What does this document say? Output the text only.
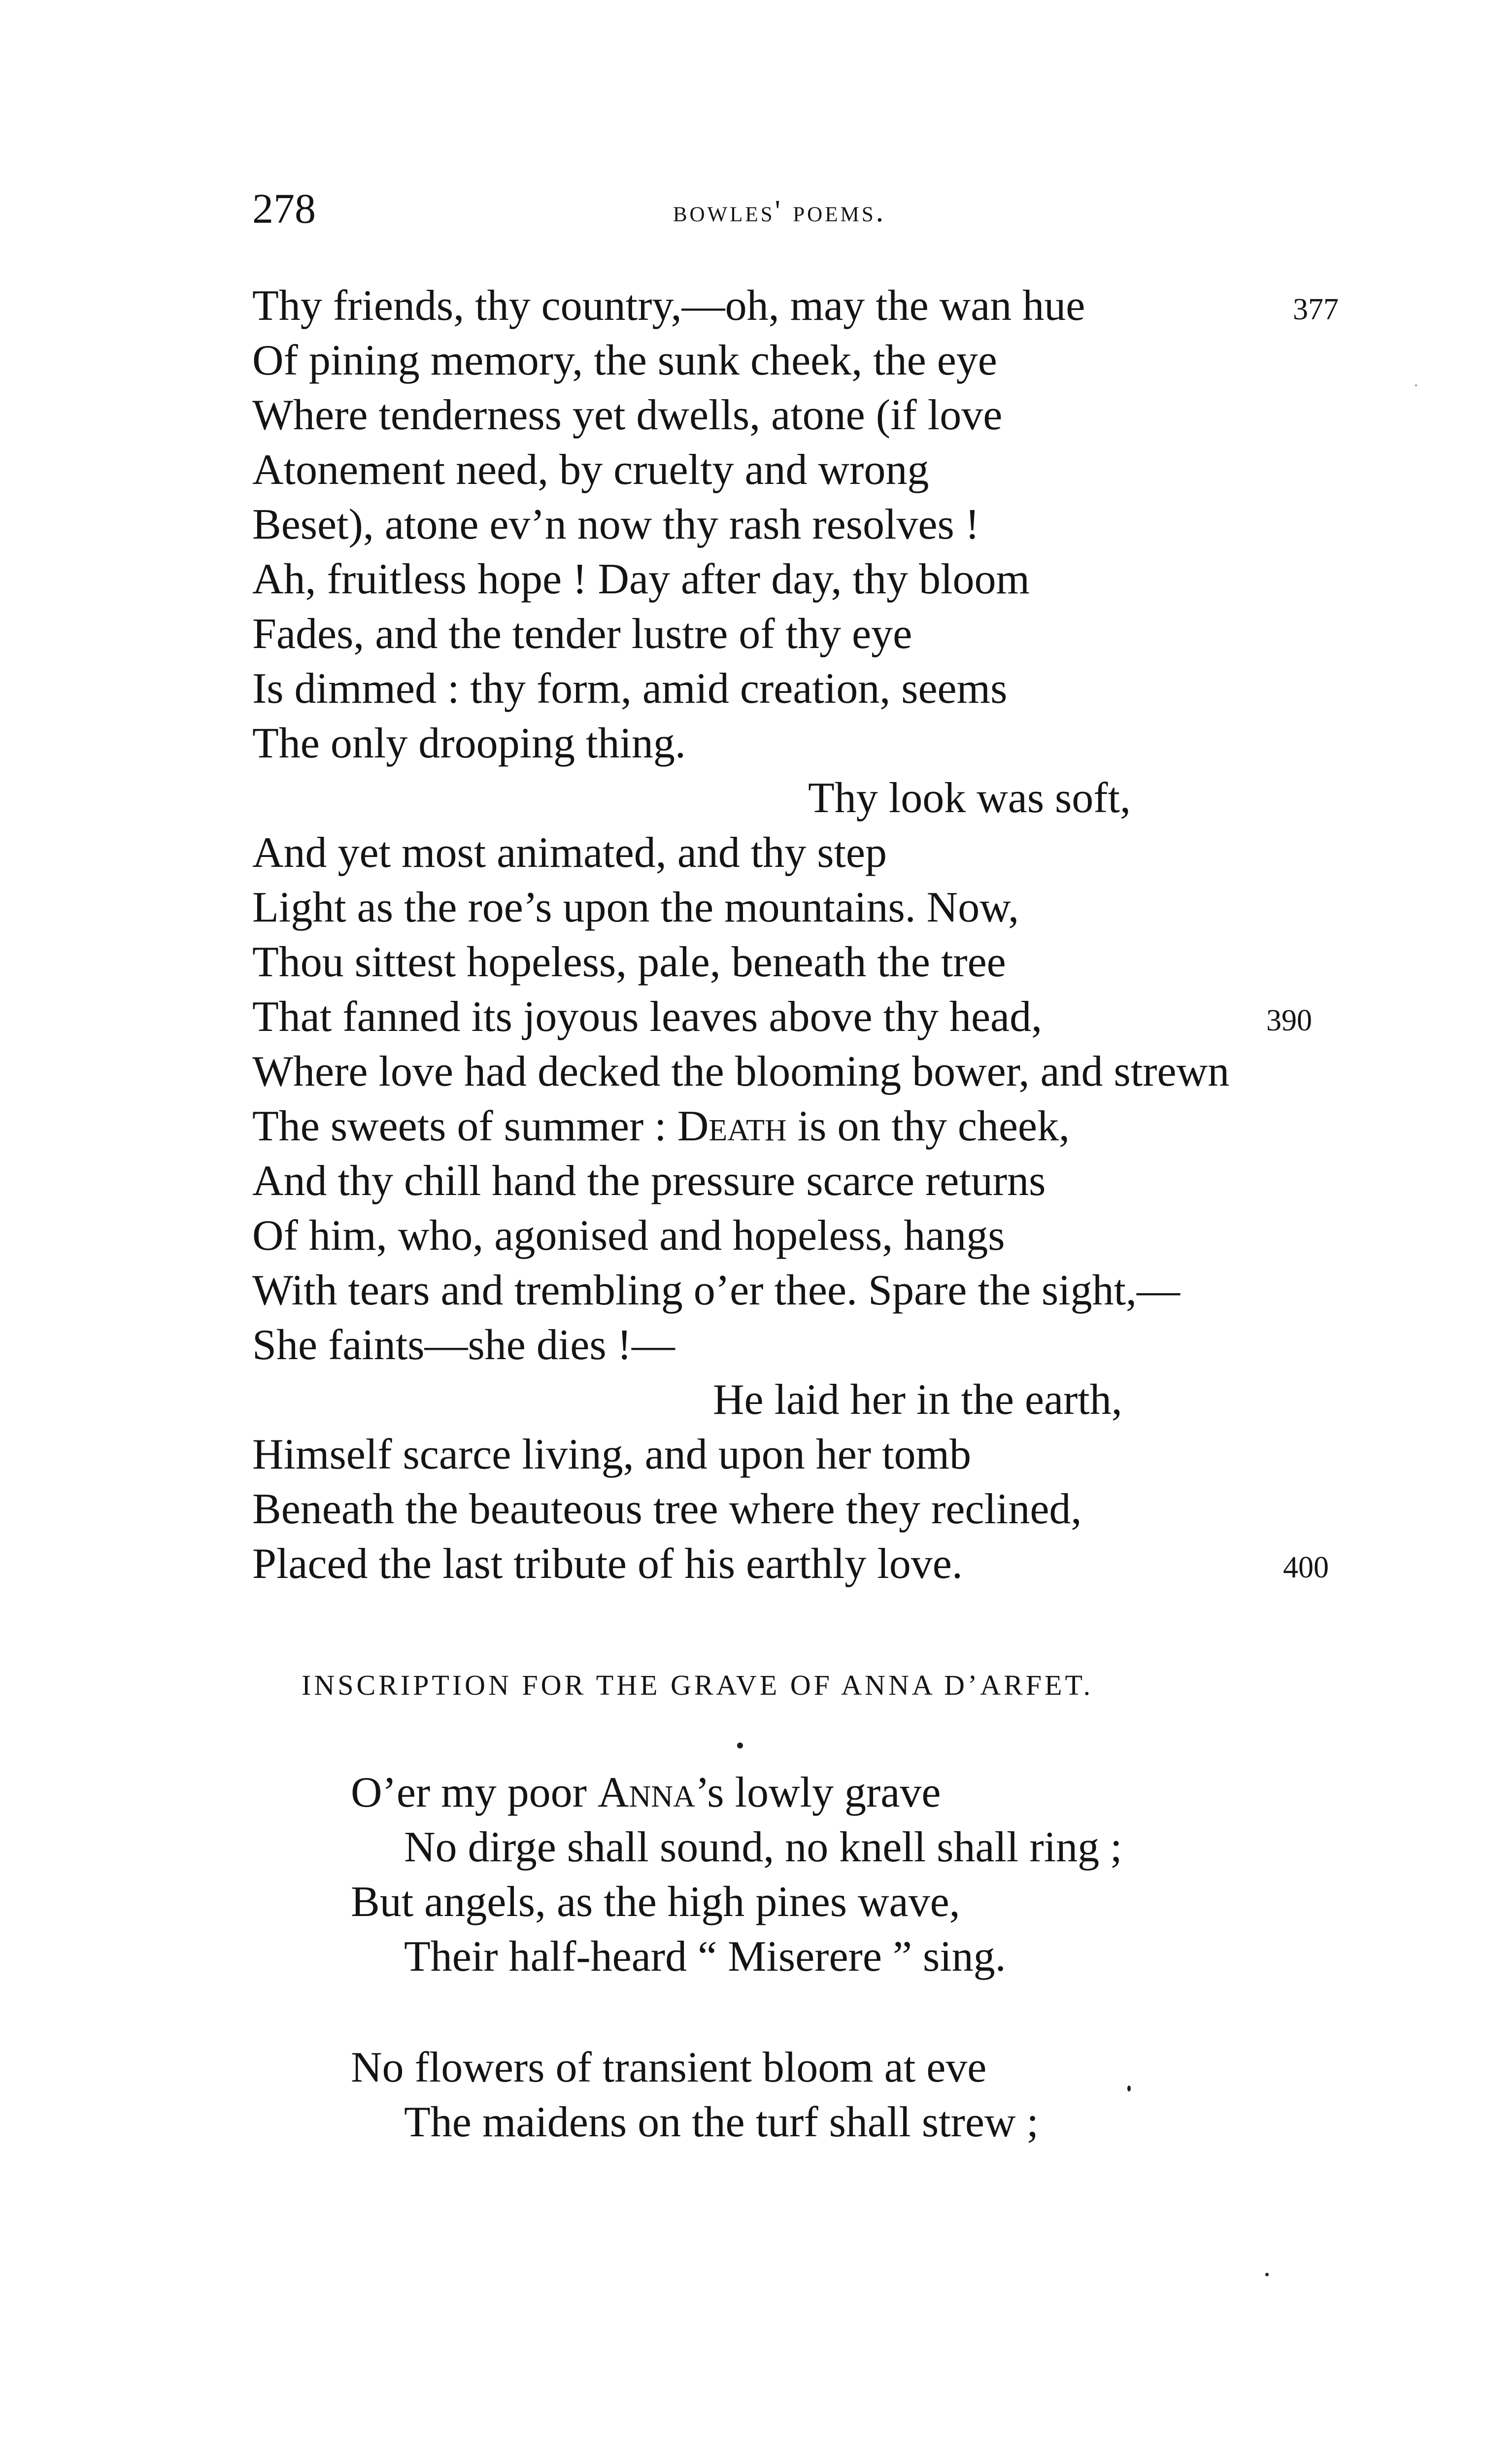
278	bowles' poems.
Thy friends, thy country,—oh, may the wan hue	377
Of pining memory, the sunk cheek, the eye
Where tenderness yet dwells, atone (if love
Atonement need, by cruelty and wrong
Beset), atone ev’n now thy rash resolves !
Ah, fruitless hope ! Day after day, thy bloom
Fades, and the tender lustre of thy eye
Is dimmed : thy form, amid creation, seems
The only drooping thing.
Thy look was soft,
And yet most animated, and thy step
Light as the roe’s upon the mountains. Now,
Thou sittest hopeless, pale, beneath the tree
That fanned its joyous leaves above thy head,	390
Where love had decked the blooming bower, and strewn
The sweets of summer : Death is on thy cheek,
And thy chill hand the pressure scarce returns
Of him, who, agonised and hopeless, hangs
With tears and trembling o’er thee. Spare the sight,—
She faints—she dies !—
He laid her in the earth,
Himself scarce living, and upon her tomb
Beneath the beauteous tree where they reclined,
Placed the last tribute of his earthly love.	400
INSCRIPTION FOR THE GRAVE OF ANNA D’ARFET.
O’er my poor Anna’s lowly grave
No dirge shall sound, no knell shall ring ;
But angels, as the high pines wave,
Their half-heard “ Miserere ” sing.
No flowers of transient bloom at eve
The maidens on the turf shall strew ;
